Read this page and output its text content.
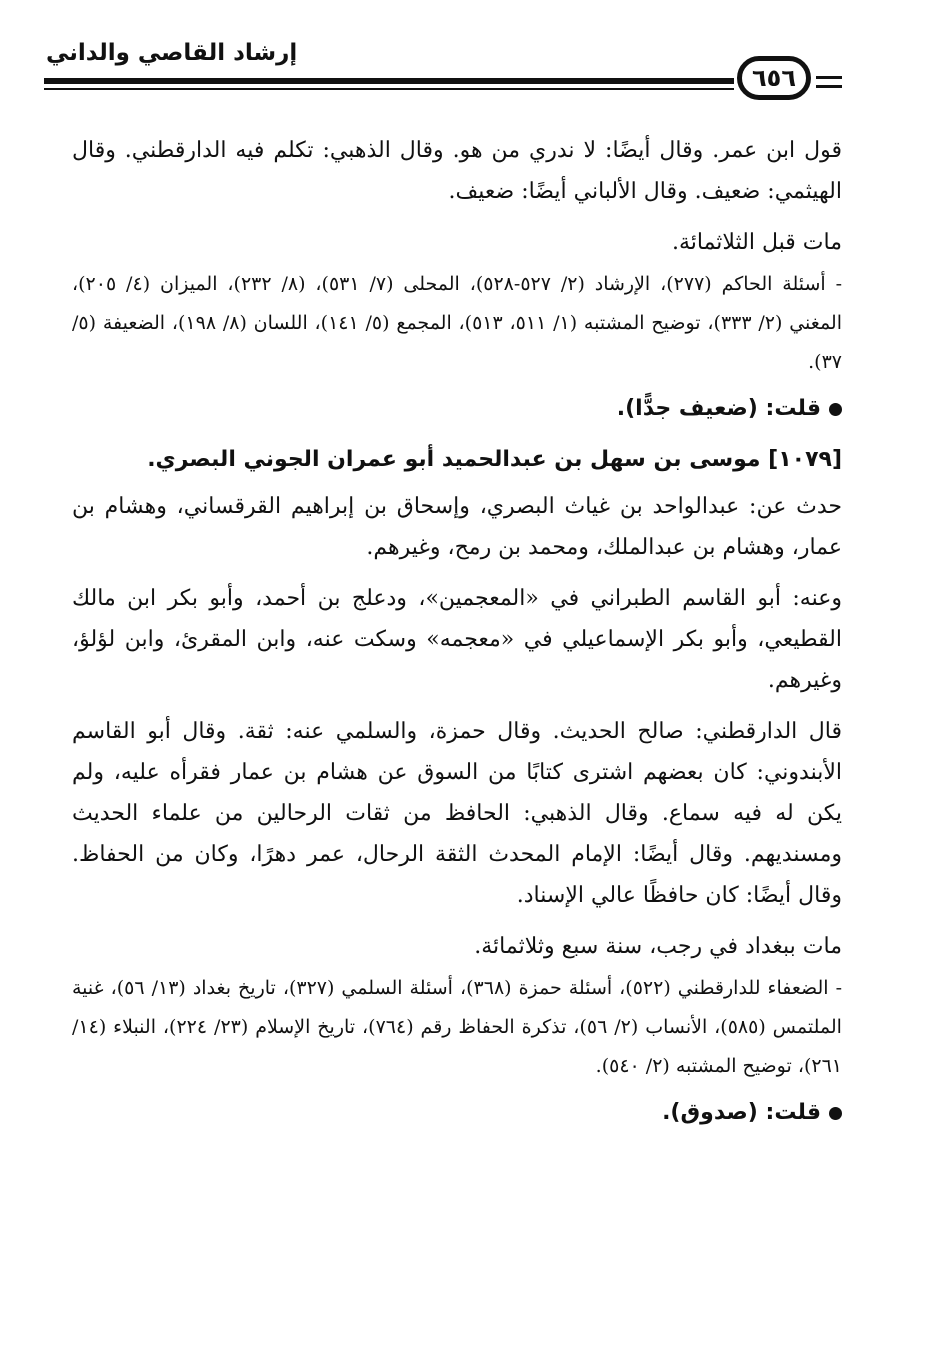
إرشاد القاصي والداني
٦٥٦

قول ابن عمر. وقال أيضًا: لا ندري من هو. وقال الذهبي: تكلم فيه الدارقطني. وقال الهيثمي: ضعيف. وقال الألباني أيضًا: ضعيف.

مات قبل الثلاثمائة.

- أسئلة الحاكم (٢٧٧)، الإرشاد (٢/ ٥٢٧-٥٢٨)، المحلى (٧/ ٥٣١)، (٨/ ٢٣٢)، الميزان (٤/ ٢٠٥)، المغني (٢/ ٣٣٣)، توضيح المشتبه (١/ ٥١١، ٥١٣)، المجمع (٥/ ١٤١)، اللسان (٨/ ١٩٨)، الضعيفة (٥/ ٣٧).

قلت: (ضعيف جدًّا).

[١٠٧٩] موسى بن سهل بن عبدالحميد أبو عمران الجوني البصري.

حدث عن: عبدالواحد بن غياث البصري، وإسحاق بن إبراهيم القرقساني، وهشام بن عمار، وهشام بن عبدالملك، ومحمد بن رمح، وغيرهم.

وعنه: أبو القاسم الطبراني في «المعجمين»، ودعلج بن أحمد، وأبو بكر ابن مالك القطيعي، وأبو بكر الإسماعيلي في «معجمه» وسكت عنه، وابن المقرئ، وابن لؤلؤ، وغيرهم.

قال الدارقطني: صالح الحديث. وقال حمزة، والسلمي عنه: ثقة. وقال أبو القاسم الأبندوني: كان بعضهم اشترى كتابًا من السوق عن هشام بن عمار فقرأه عليه، ولم يكن له فيه سماع. وقال الذهبي: الحافظ من ثقات الرحالين من علماء الحديث ومسنديهم. وقال أيضًا: الإمام المحدث الثقة الرحال، عمر دهرًا، وكان من الحفاظ. وقال أيضًا: كان حافظًا عالي الإسناد.

مات ببغداد في رجب، سنة سبع وثلاثمائة.

- الضعفاء للدارقطني (٥٢٢)، أسئلة حمزة (٣٦٨)، أسئلة السلمي (٣٢٧)، تاريخ بغداد (١٣/ ٥٦)، غنية الملتمس (٥٨٥)، الأنساب (٢/ ٥٦)، تذكرة الحفاظ رقم (٧٦٤)، تاريخ الإسلام (٢٣/ ٢٢٤)، النبلاء (١٤/ ٢٦١)، توضيح المشتبه (٢/ ٥٤٠).

قلت: (صدوق).
